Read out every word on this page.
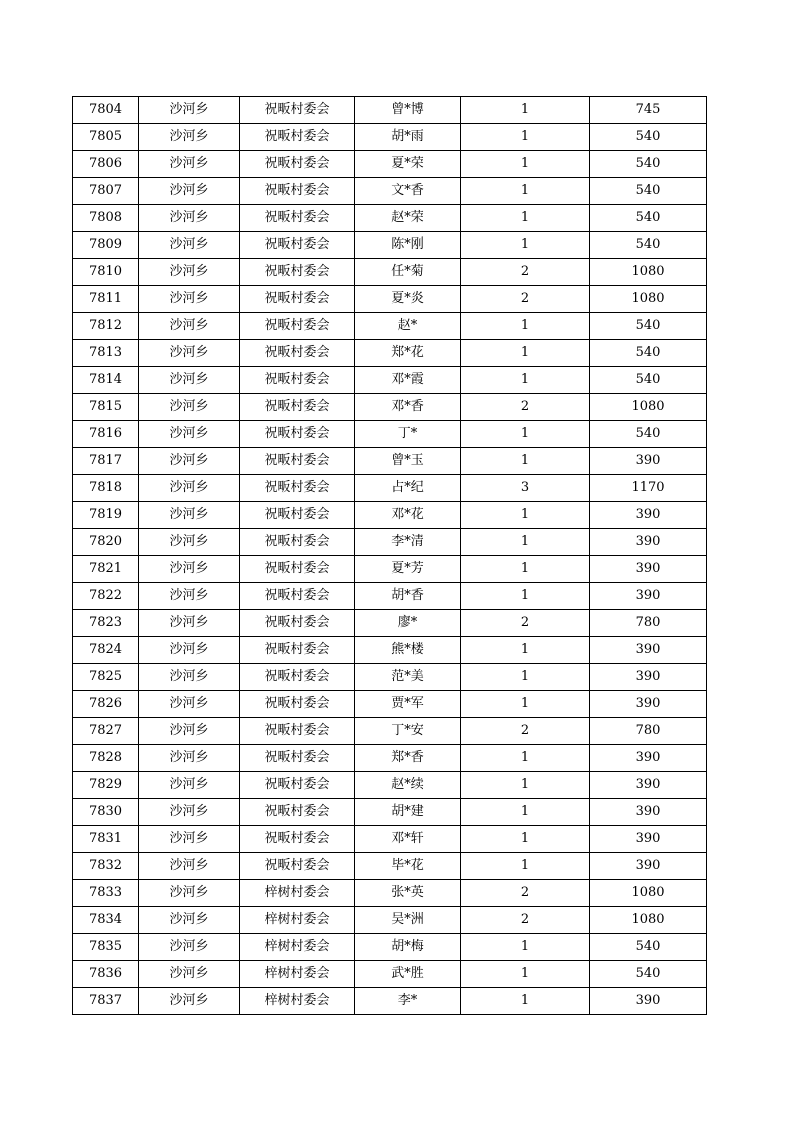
7804	沙河乡	祝畈村委会	曾*博	1	745
7805	沙河乡	祝畈村委会	胡*雨	1	540
7806	沙河乡	祝畈村委会	夏*荣	1	540
7807	沙河乡	祝畈村委会	文*香	1	540
7808	沙河乡	祝畈村委会	赵*荣	1	540
7809	沙河乡	祝畈村委会	陈*刚	1	540
7810	沙河乡	祝畈村委会	任*菊	2	1080
7811	沙河乡	祝畈村委会	夏*炎	2	1080
7812	沙河乡	祝畈村委会	赵*	1	540
7813	沙河乡	祝畈村委会	郑*花	1	540
7814	沙河乡	祝畈村委会	邓*霞	1	540
7815	沙河乡	祝畈村委会	邓*香	2	1080
7816	沙河乡	祝畈村委会	丁*	1	540
7817	沙河乡	祝畈村委会	曾*玉	1	390
7818	沙河乡	祝畈村委会	占*纪	3	1170
7819	沙河乡	祝畈村委会	邓*花	1	390
7820	沙河乡	祝畈村委会	李*清	1	390
7821	沙河乡	祝畈村委会	夏*芳	1	390
7822	沙河乡	祝畈村委会	胡*香	1	390
7823	沙河乡	祝畈村委会	廖*	2	780
7824	沙河乡	祝畈村委会	熊*楼	1	390
7825	沙河乡	祝畈村委会	范*美	1	390
7826	沙河乡	祝畈村委会	贾*军	1	390
7827	沙河乡	祝畈村委会	丁*安	2	780
7828	沙河乡	祝畈村委会	郑*香	1	390
7829	沙河乡	祝畈村委会	赵*续	1	390
7830	沙河乡	祝畈村委会	胡*建	1	390
7831	沙河乡	祝畈村委会	邓*轩	1	390
7832	沙河乡	祝畈村委会	毕*花	1	390
7833	沙河乡	梓树村委会	张*英	2	1080
7834	沙河乡	梓树村委会	吴*洲	2	1080
7835	沙河乡	梓树村委会	胡*梅	1	540
7836	沙河乡	梓树村委会	武*胜	1	540
7837	沙河乡	梓树村委会	李*	1	390
